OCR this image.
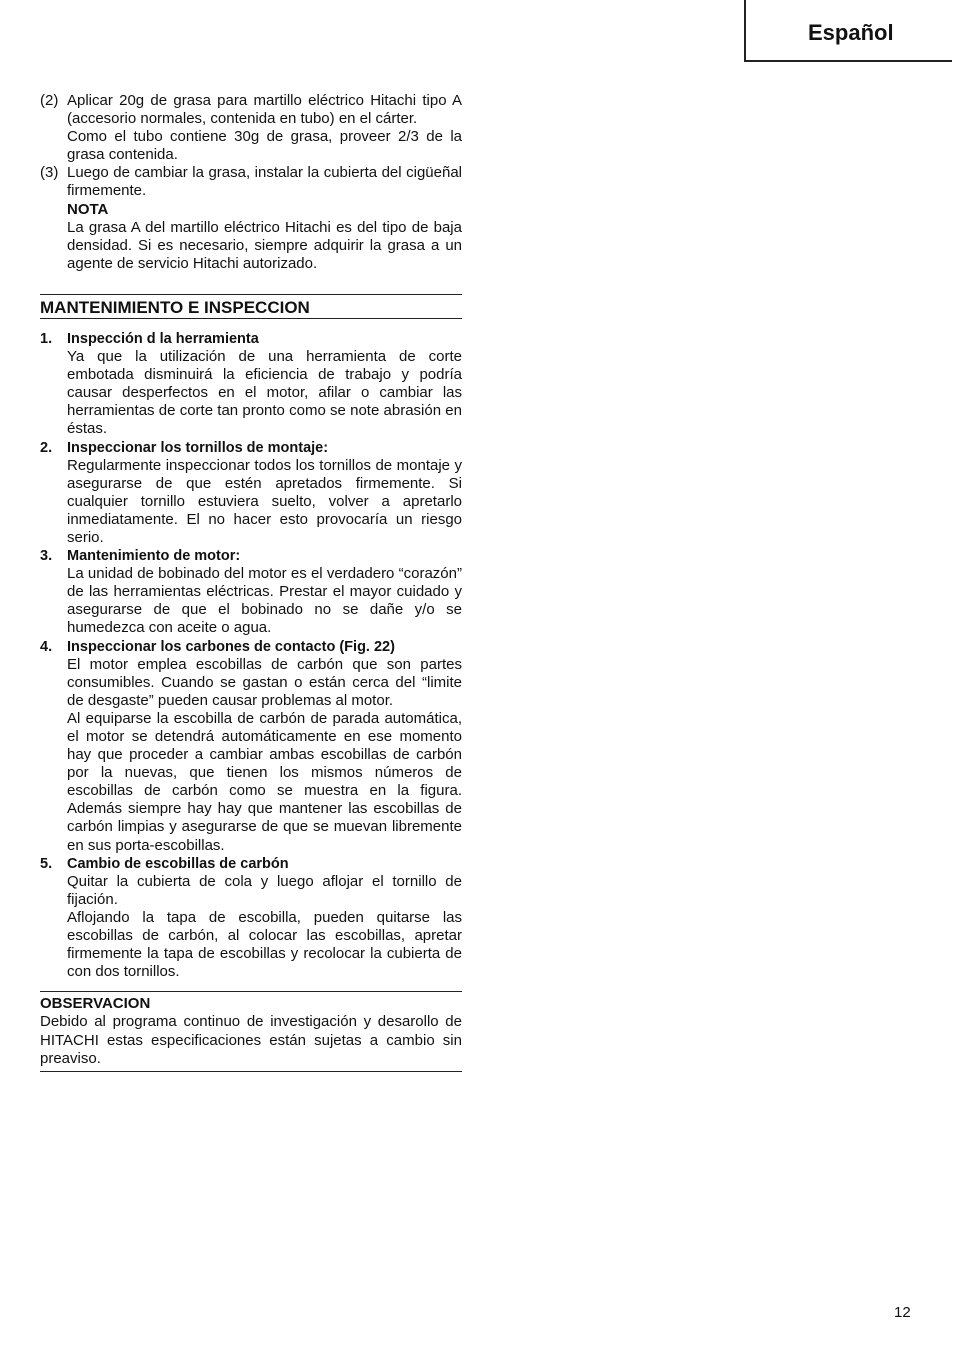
Español
(2) Aplicar 20g de grasa para martillo eléctrico Hitachi tipo A (accesorio normales, contenida en tubo) en el cárter.
Como el tubo contiene 30g de grasa, proveer 2/3 de la grasa contenida.
(3) Luego de cambiar la grasa, instalar la cubierta del cigüeñal firmemente.
NOTA
La grasa A del martillo eléctrico Hitachi es del tipo de baja densidad. Si es necesario, siempre adquirir la grasa a un agente de servicio Hitachi autorizado.
MANTENIMIENTO E INSPECCION
1.	Inspección d la herramienta
Ya que la utilización de una herramienta de corte embotada disminuirá la eficiencia de trabajo y podría causar desperfectos en el motor, afilar o cambiar las herramientas de corte tan pronto como se note abrasión en éstas.
2.	Inspeccionar los tornillos de montaje:
Regularmente inspeccionar todos los tornillos de montaje y asegurarse de que estén apretados firmemente. Si cualquier tornillo estuviera suelto, volver a apretarlo inmediatamente. El no hacer esto provocaría un riesgo serio.
3.	Mantenimiento de motor:
La unidad de bobinado del motor es el verdadero “corazón” de las herramientas eléctricas. Prestar el mayor cuidado y asegurarse de que el bobinado no se dañe y/o se humedezca con aceite o agua.
4.	Inspeccionar los carbones de contacto (Fig. 22)
El motor emplea escobillas de carbón que son partes consumibles. Cuando se gastan o están cerca del “limite de desgaste” pueden causar problemas al motor.
Al equiparse la escobilla de carbón de parada automática, el motor se detendrá automáticamente en ese momento hay que proceder a cambiar ambas escobillas de carbón por la nuevas, que tienen los mismos números de escobillas de carbón como se muestra en la figura. Además siempre hay hay que mantener las escobillas de carbón limpias y asegurarse de que se muevan libremente en sus porta-escobillas.
5.	Cambio de escobillas de carbón
Quitar la cubierta de cola y luego aflojar el tornillo de fijación.
Aflojando la tapa de escobilla, pueden quitarse las escobillas de carbón, al colocar las escobillas, apretar firmemente la tapa de escobillas y recolocar la cubierta de con dos tornillos.
OBSERVACION
Debido al programa continuo de investigación y desarollo de HITACHI estas especificaciones están sujetas a cambio sin preaviso.
12
